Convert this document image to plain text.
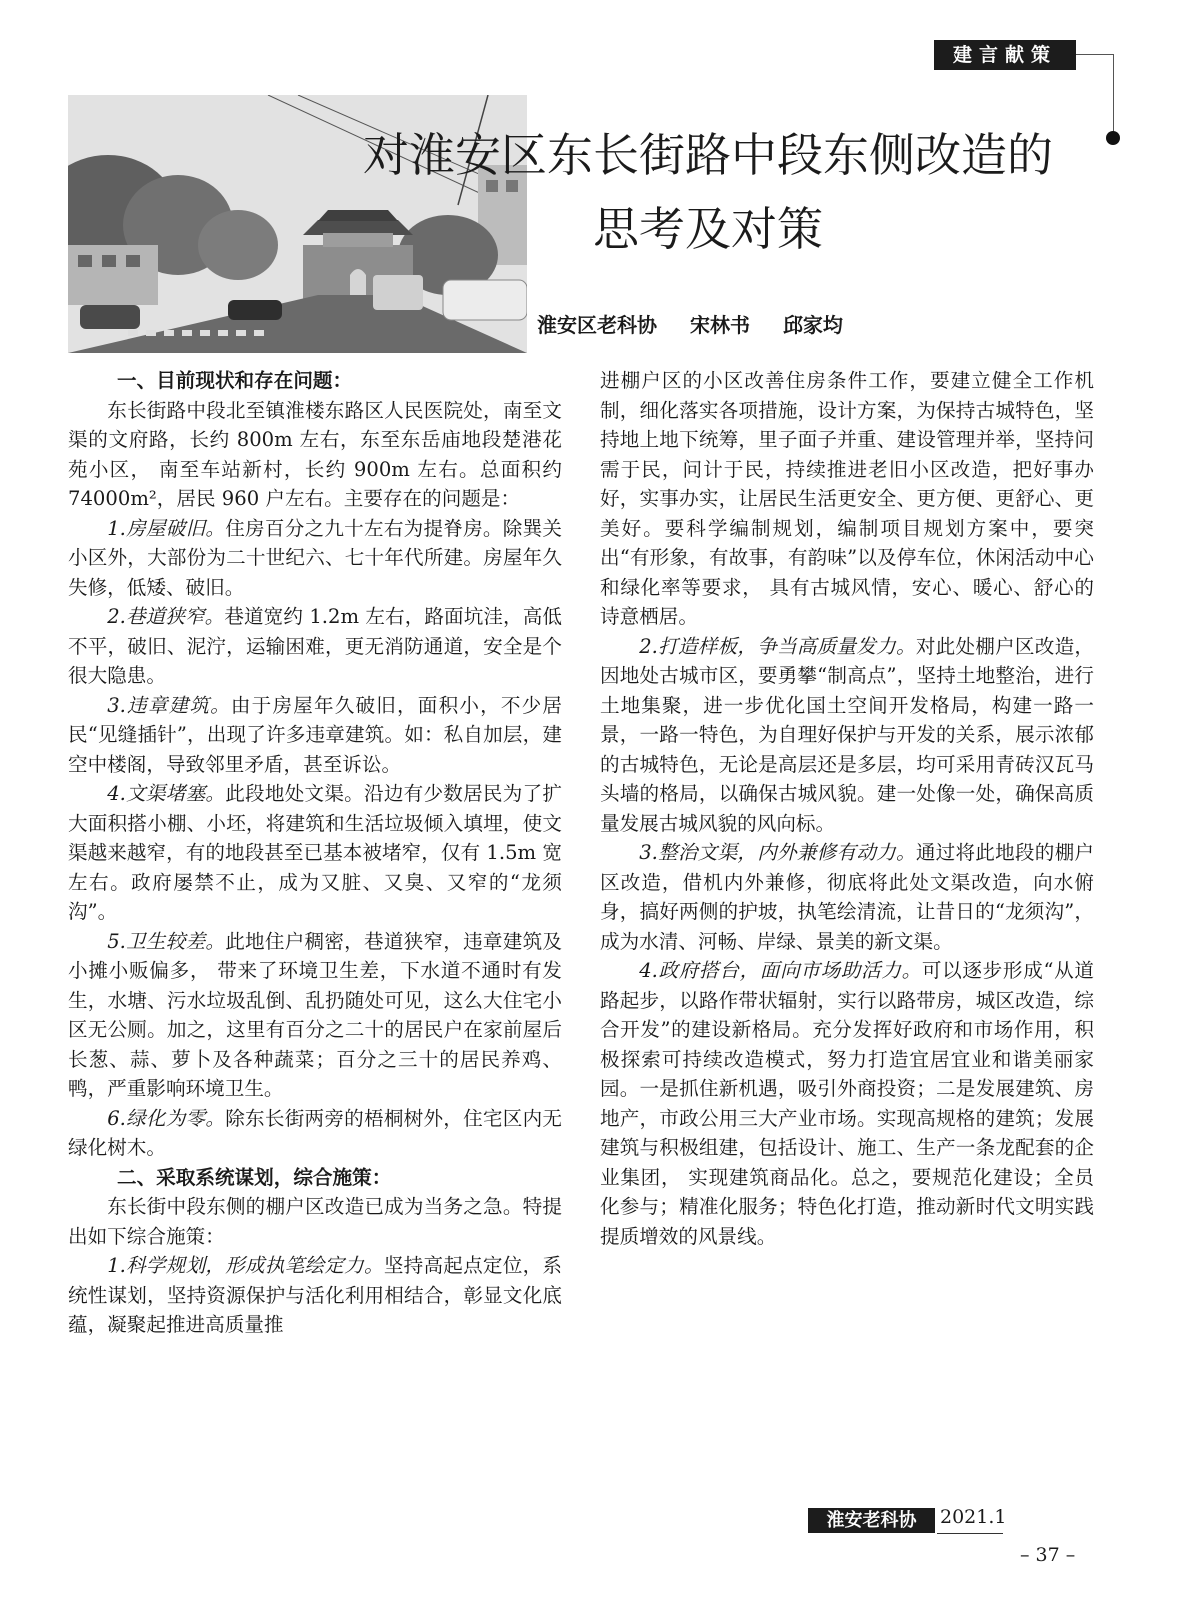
建言献策
对淮安区东长街路中段东侧改造的
思考及对策
淮安区老科协 宋林书 邱家均
一、目前现状和存在问题：

东长街路中段北至镇淮楼东路区人民医院处，南至文渠的文府路，长约 800m 左右，东至东岳庙地段楚港花苑小区， 南至车站新村，长约 900m 左右。总面积约 74000m²，居民 960 户左右。主要存在的问题是：

1.房屋破旧。住房百分之九十左右为提脊房。除巽关小区外，大部份为二十世纪六、七十年代所建。房屋年久失修，低矮、破旧。

2.巷道狭窄。巷道宽约 1.2m 左右，路面坑洼，高低不平，破旧、泥泞，运输困难，更无消防通道，安全是个很大隐患。

3.违章建筑。由于房屋年久破旧，面积小，不少居民“见缝插针”，出现了许多违章建筑。如：私自加层，建空中楼阁，导致邻里矛盾，甚至诉讼。

4.文渠堵塞。此段地处文渠。沿边有少数居民为了扩大面积搭小棚、小坯，将建筑和生活垃圾倾入填埋，使文渠越来越窄，有的地段甚至已基本被堵窄，仅有 1.5m 宽左右。政府屡禁不止，成为又脏、又臭、又窄的“龙须沟”。

5.卫生较差。此地住户稠密，巷道狭窄，违章建筑及小摊小贩偏多， 带来了环境卫生差，下水道不通时有发生，水塘、污水垃圾乱倒、乱扔随处可见，这么大住宅小区无公厕。加之，这里有百分之二十的居民户在家前屋后长葱、蒜、萝卜及各种蔬菜；百分之三十的居民养鸡、鸭，严重影响环境卫生。

6.绿化为零。除东长街两旁的梧桐树外，住宅区内无绿化树木。

二、采取系统谋划，综合施策：

东长街中段东侧的棚户区改造已成为当务之急。特提出如下综合施策：

1.科学规划，形成执笔绘定力。坚持高起点定位，系统性谋划，坚持资源保护与活化利用相结合，彰显文化底蕴，凝聚起推进高质量推

进棚户区的小区改善住房条件工作，要建立健全工作机制，细化落实各项措施，设计方案，为保持古城特色，坚持地上地下统筹，里子面子并重、建设管理并举，坚持问需于民，问计于民，持续推进老旧小区改造，把好事办好，实事办实，让居民生活更安全、更方便、更舒心、更美好。要科学编制规划，编制项目规划方案中，要突出“有形象，有故事，有韵味”以及停车位，休闲活动中心和绿化率等要求， 具有古城风情，安心、暖心、舒心的诗意栖居。

2.打造样板，争当高质量发力。对此处棚户区改造，因地处古城市区，要勇攀“制高点”，坚持土地整治，进行土地集聚，进一步优化国土空间开发格局，构建一路一景，一路一特色，为自理好保护与开发的关系，展示浓郁的古城特色，无论是高层还是多层，均可采用青砖汉瓦马头墙的格局，以确保古城风貌。建一处像一处，确保高质量发展古城风貌的风向标。

3.整治文渠，内外兼修有动力。通过将此地段的棚户区改造，借机内外兼修，彻底将此处文渠改造，向水俯身，搞好两侧的护坡，执笔绘清流，让昔日的“龙须沟”，成为水清、河畅、岸绿、景美的新文渠。

4.政府搭台，面向市场助活力。可以逐步形成“从道路起步，以路作带状辐射，实行以路带房，城区改造，综合开发”的建设新格局。充分发挥好政府和市场作用，积极探索可持续改造模式，努力打造宜居宜业和谐美丽家园。一是抓住新机遇，吸引外商投资；二是发展建筑、房地产，市政公用三大产业市场。实现高规格的建筑；发展建筑与积极组建，包括设计、施工、生产一条龙配套的企业集团， 实现建筑商品化。总之，要规范化建设；全员化参与；精准化服务；特色化打造，推动新时代文明实践提质增效的风景线。

淮安老科协	2021.1
– 37 –
